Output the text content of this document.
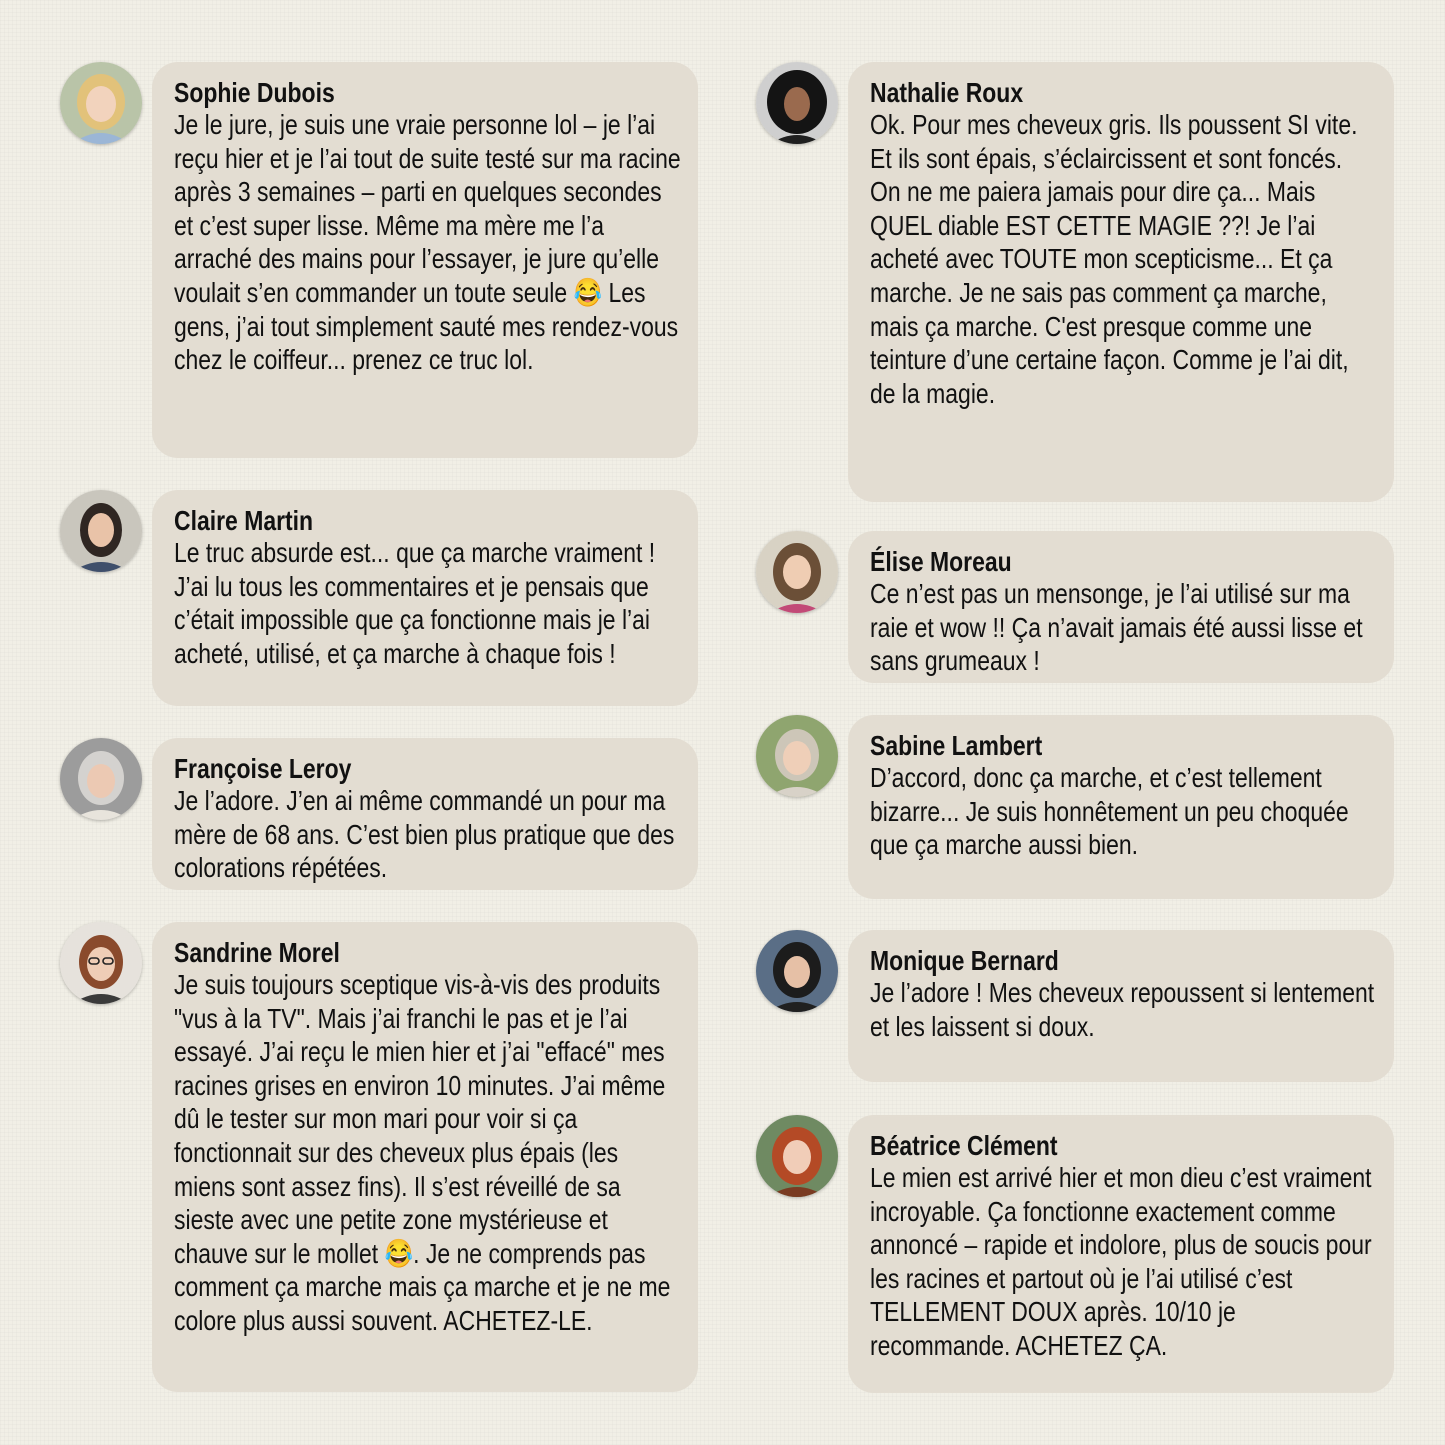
Sophie Dubois
Je le jure, je suis une vraie personne lol – je l’ai reçu hier et je l’ai tout de suite testé sur ma racine après 3 semaines – parti en quelques secondes et c’est super lisse. Même ma mère me l’a arraché des mains pour l’essayer, je jure qu’elle voulait s’en commander un toute seule 😂 Les gens, j’ai tout simplement sauté mes rendez-vous chez le coiffeur... prenez ce truc lol.
Claire Martin
Le truc absurde est... que ça marche vraiment ! J’ai lu tous les commentaires et je pensais que c’était impossible que ça fonctionne mais je l’ai acheté, utilisé, et ça marche à chaque fois !
Françoise Leroy
Je l’adore. J’en ai même commandé un pour ma mère de 68 ans. C’est bien plus pratique que des colorations répétées.
Sandrine Morel
Je suis toujours sceptique vis-à-vis des produits "vus à la TV". Mais j’ai franchi le pas et je l’ai essayé. J’ai reçu le mien hier et j’ai "effacé" mes racines grises en environ 10 minutes. J’ai même dû le tester sur mon mari pour voir si ça fonctionnait sur des cheveux plus épais (les miens sont assez fins). Il s’est réveillé de sa sieste avec une petite zone mystérieuse et chauve sur le mollet 😂. Je ne comprends pas comment ça marche mais ça marche et je ne me colore plus aussi souvent. ACHETEZ-LE.
Nathalie Roux
Ok. Pour mes cheveux gris. Ils poussent SI vite. Et ils sont épais, s’éclaircissent et sont foncés. On ne me paiera jamais pour dire ça... Mais QUEL diable EST CETTE MAGIE ??! Je l’ai acheté avec TOUTE mon scepticisme... Et ça marche. Je ne sais pas comment ça marche, mais ça marche. C'est presque comme une teinture d’une certaine façon. Comme je l’ai dit, de la magie.
Élise Moreau
Ce n’est pas un mensonge, je l’ai utilisé sur ma raie et wow !! Ça n’avait jamais été aussi lisse et sans grumeaux !
Sabine Lambert
D’accord, donc ça marche, et c’est tellement bizarre... Je suis honnêtement un peu choquée que ça marche aussi bien.
Monique Bernard
Je l’adore ! Mes cheveux repoussent si lentement et les laissent si doux.
Béatrice Clément
Le mien est arrivé hier et mon dieu c’est vraiment incroyable. Ça fonctionne exactement comme annoncé – rapide et indolore, plus de soucis pour les racines et partout où je l’ai utilisé c’est TELLEMENT DOUX après. 10/10 je recommande. ACHETEZ ÇA.
